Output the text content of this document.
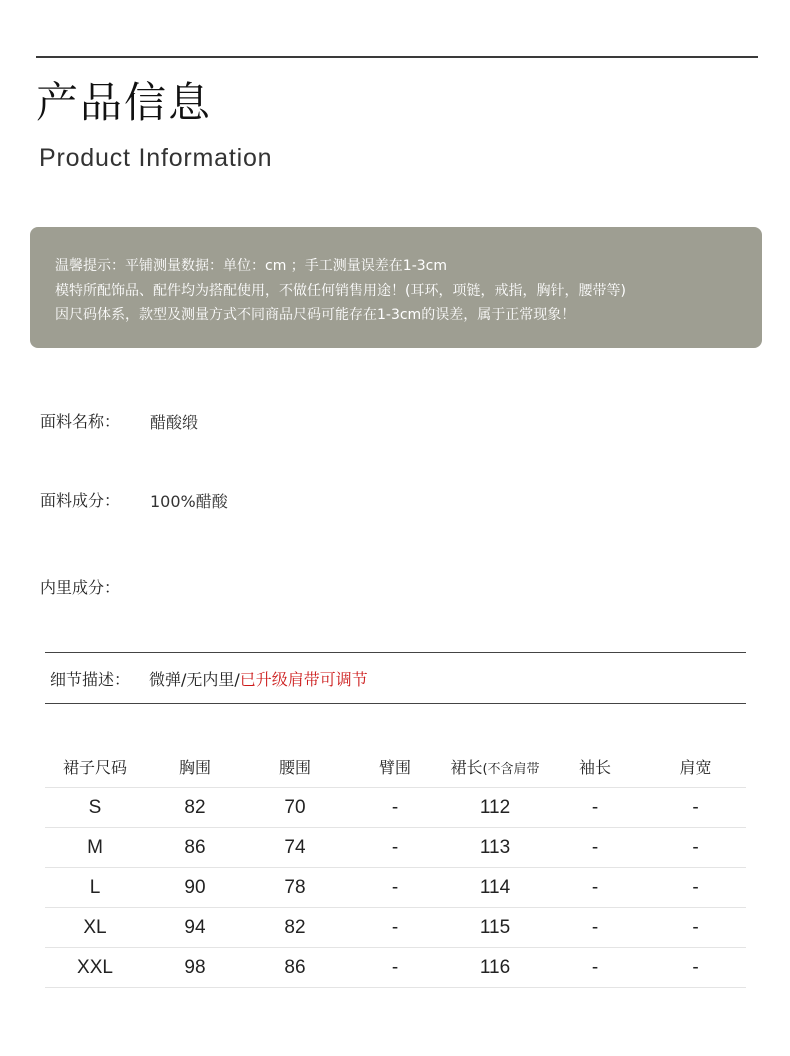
产品信息
Product Information
温馨提示：平铺测量数据：单位：cm ；手工测量误差在1-3cm
模特所配饰品、配件均为搭配使用，不做任何销售用途！(耳环，项链，戒指，胸针，腰带等)
因尺码体系，款型及测量方式不同商品尺码可能存在1-3cm的误差，属于正常现象！
面料名称： 醋酸缎
面料成分： 100%醋酸
内里成分：
细节描述： 微弹/无内里/已升级肩带可调节
裙子尺码	胸围	腰围	臂围	裙长(不含肩带	袖长	肩宽
S	82	70	-	112	-	-
M	86	74	-	113	-	-
L	90	78	-	114	-	-
XL	94	82	-	115	-	-
XXL	98	86	-	116	-	-
